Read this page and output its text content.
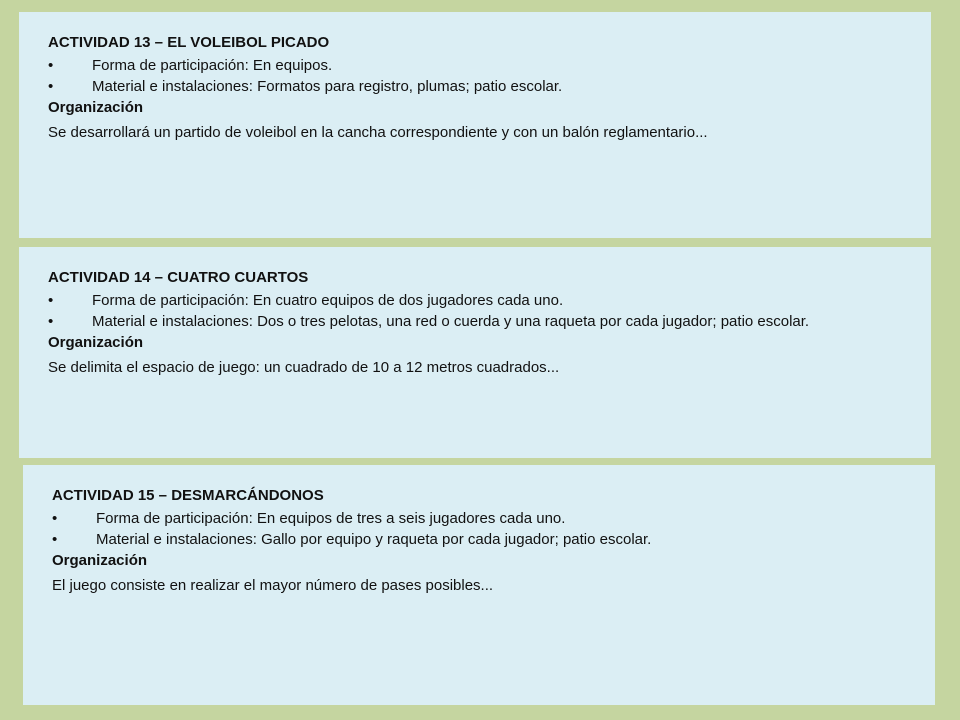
ACTIVIDAD 13 – EL VOLEIBOL PICADO

•	Forma de participación: En equipos.
•	Material e instalaciones: Formatos para registro, plumas; patio escolar.

Organización

Se desarrollará un partido de voleibol en la cancha correspondiente y con un balón reglamentario...

ACTIVIDAD 14 – CUATRO CUARTOS

•	Forma de participación: En cuatro equipos de dos jugadores cada uno.
•	Material e instalaciones: Dos o tres pelotas, una red o cuerda y una raqueta por cada jugador; patio escolar.

Organización

Se delimita el espacio de juego: un cuadrado de 10 a 12 metros cuadrados...

ACTIVIDAD 15 – DESMARCÁNDONOS

•	Forma de participación: En equipos de tres a seis jugadores cada uno.
•	Material e instalaciones: Gallo por equipo y raqueta por cada jugador; patio escolar.

Organización

El juego consiste en realizar el mayor número de pases posibles...
